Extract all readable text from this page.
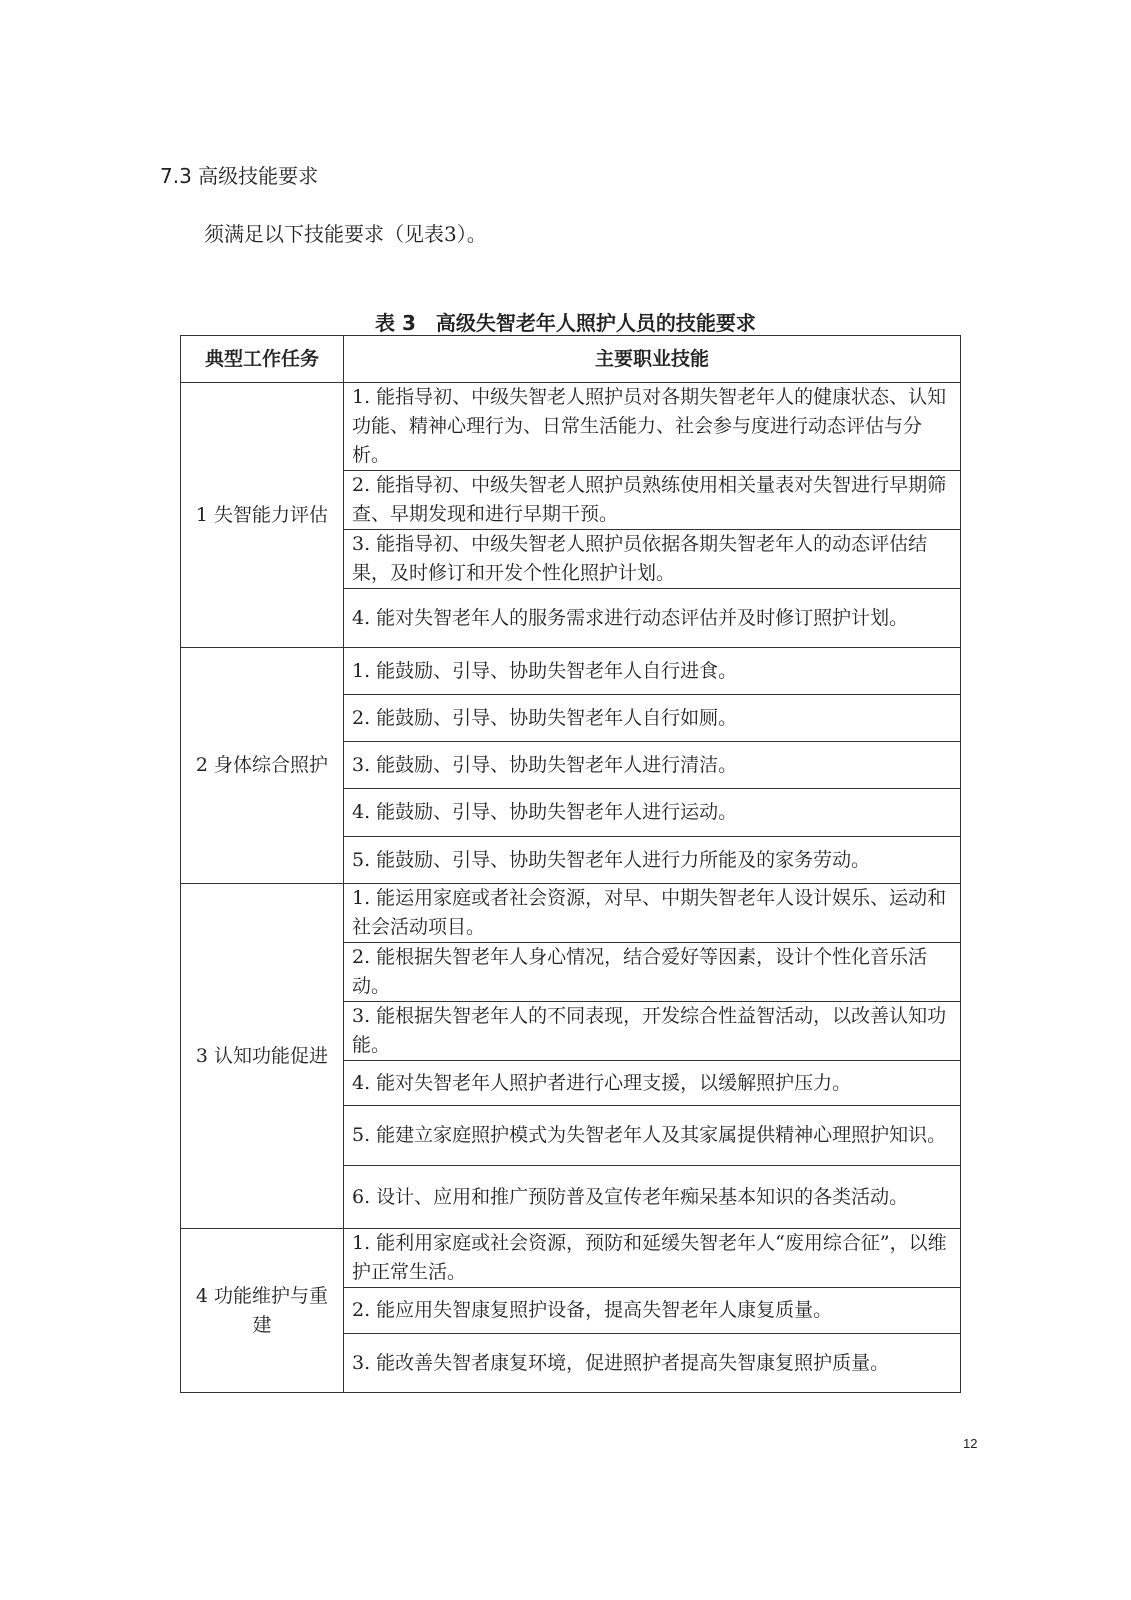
7.3 高级技能要求
须满足以下技能要求（见表3）。
表 3　高级失智老年人照护人员的技能要求
典型工作任务	主要职业技能
1 失智能力评估	1. 能指导初、中级失智老人照护员对各期失智老年人的健康状态、认知功能、精神心理行为、日常生活能力、社会参与度进行动态评估与分析。
	2. 能指导初、中级失智老人照护员熟练使用相关量表对失智进行早期筛查、早期发现和进行早期干预。
	3. 能指导初、中级失智老人照护员依据各期失智老年人的动态评估结果，及时修订和开发个性化照护计划。
	4. 能对失智老年人的服务需求进行动态评估并及时修订照护计划。
2 身体综合照护	1. 能鼓励、引导、协助失智老年人自行进食。
	2. 能鼓励、引导、协助失智老年人自行如厕。
	3. 能鼓励、引导、协助失智老年人进行清洁。
	4. 能鼓励、引导、协助失智老年人进行运动。
	5. 能鼓励、引导、协助失智老年人进行力所能及的家务劳动。
3 认知功能促进	1. 能运用家庭或者社会资源，对早、中期失智老年人设计娱乐、运动和社会活动项目。
	2. 能根据失智老年人身心情况，结合爱好等因素，设计个性化音乐活动。
	3. 能根据失智老年人的不同表现，开发综合性益智活动，以改善认知功能。
	4. 能对失智老年人照护者进行心理支援，以缓解照护压力。
	5. 能建立家庭照护模式为失智老年人及其家属提供精神心理照护知识。
	6. 设计、应用和推广预防普及宣传老年痴呆基本知识的各类活动。
4 功能维护与重建	1. 能利用家庭或社会资源，预防和延缓失智老年人“废用综合征”，以维护正常生活。
	2. 能应用失智康复照护设备，提高失智老年人康复质量。
	3. 能改善失智者康复环境，促进照护者提高失智康复照护质量。
12
